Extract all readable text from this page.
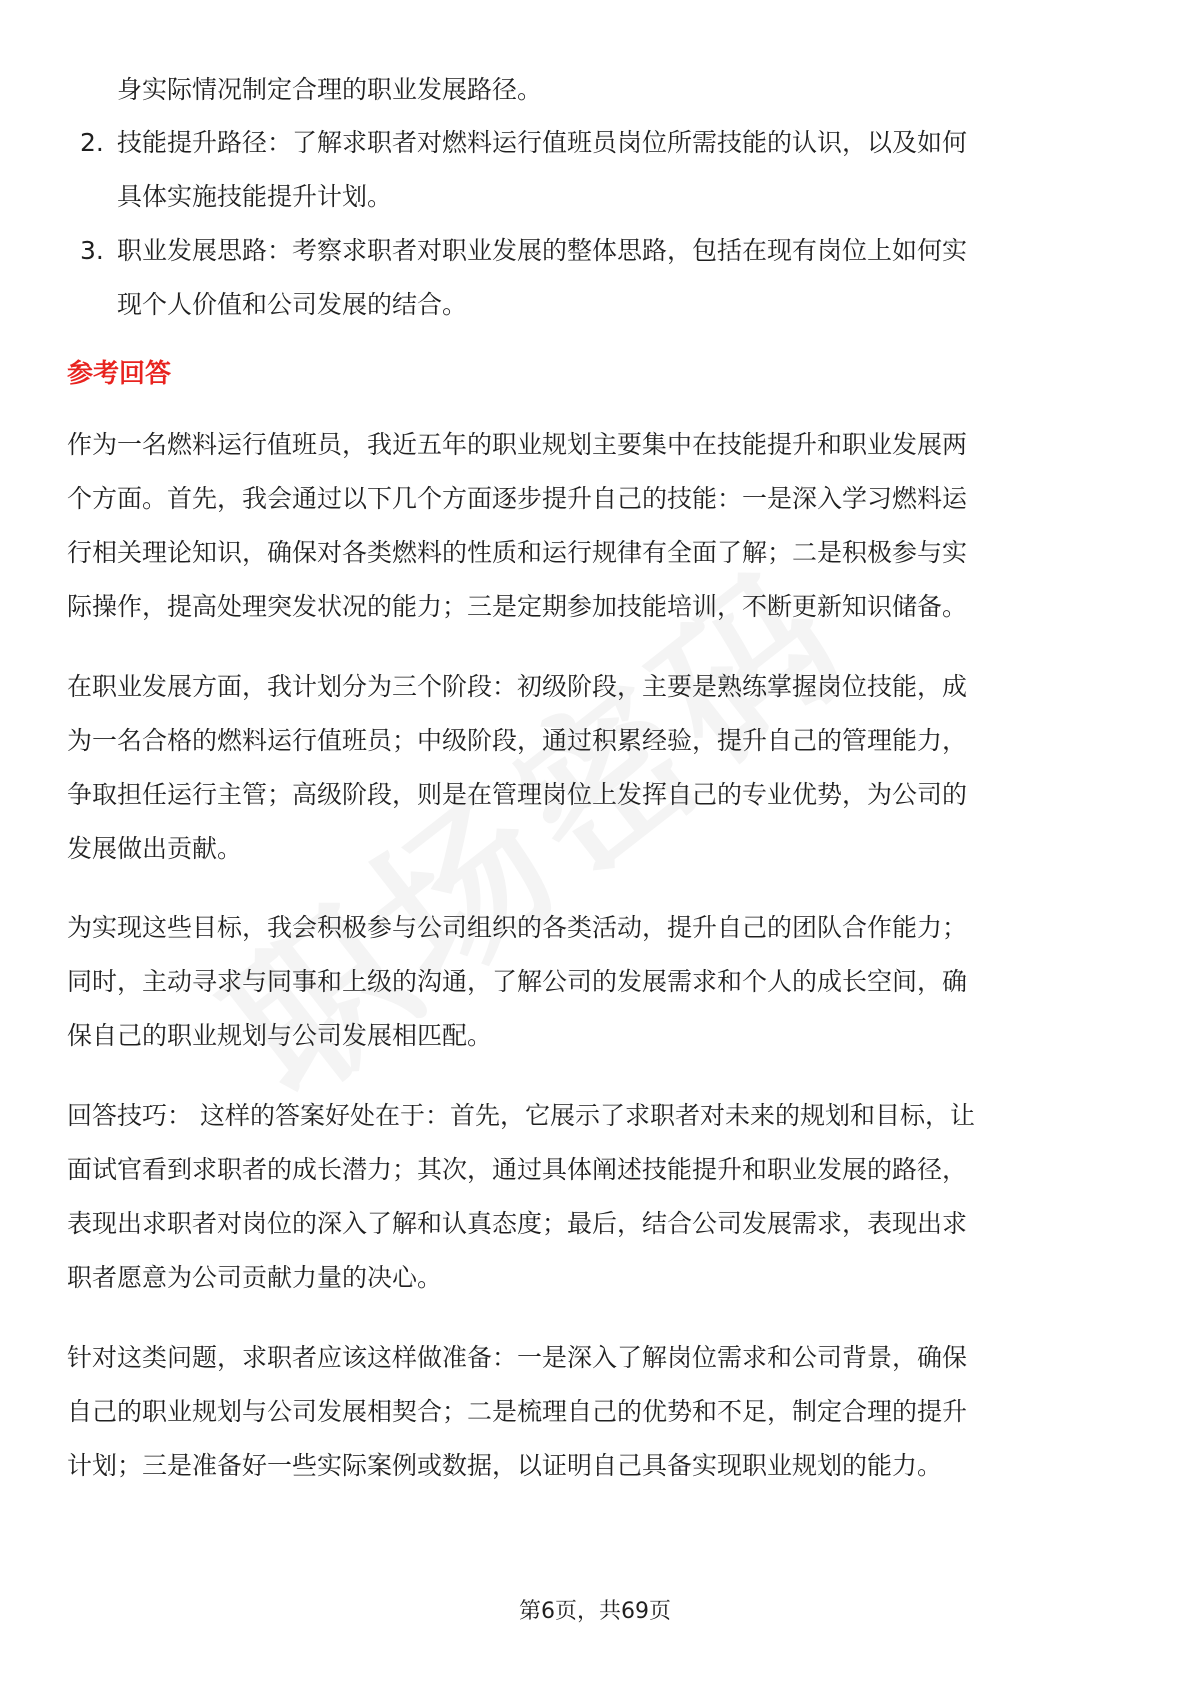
身实际情况制定合理的职业发展路径。
2. 技能提升路径：了解求职者对燃料运行值班员岗位所需技能的认识，以及如何
具体实施技能提升计划。
3. 职业发展思路：考察求职者对职业发展的整体思路，包括在现有岗位上如何实
现个人价值和公司发展的结合。
参考回答
作为一名燃料运行值班员，我近五年的职业规划主要集中在技能提升和职业发展两
个方面。首先，我会通过以下几个方面逐步提升自己的技能：一是深入学习燃料运
行相关理论知识，确保对各类燃料的性质和运行规律有全面了解；二是积极参与实
际操作，提高处理突发状况的能力；三是定期参加技能培训，不断更新知识储备。
在职业发展方面，我计划分为三个阶段：初级阶段，主要是熟练掌握岗位技能，成
为一名合格的燃料运行值班员；中级阶段，通过积累经验，提升自己的管理能力，
争取担任运行主管；高级阶段，则是在管理岗位上发挥自己的专业优势，为公司的
发展做出贡献。
为实现这些目标，我会积极参与公司组织的各类活动，提升自己的团队合作能力；
同时，主动寻求与同事和上级的沟通，了解公司的发展需求和个人的成长空间，确
保自己的职业规划与公司发展相匹配。
回答技巧： 这样的答案好处在于：首先，它展示了求职者对未来的规划和目标，让
面试官看到求职者的成长潜力；其次，通过具体阐述技能提升和职业发展的路径，
表现出求职者对岗位的深入了解和认真态度；最后，结合公司发展需求，表现出求
职者愿意为公司贡献力量的决心。
针对这类问题，求职者应该这样做准备：一是深入了解岗位需求和公司背景，确保
自己的职业规划与公司发展相契合；二是梳理自己的优势和不足，制定合理的提升
计划；三是准备好一些实际案例或数据，以证明自己具备实现职业规划的能力。
第6页，共69页
